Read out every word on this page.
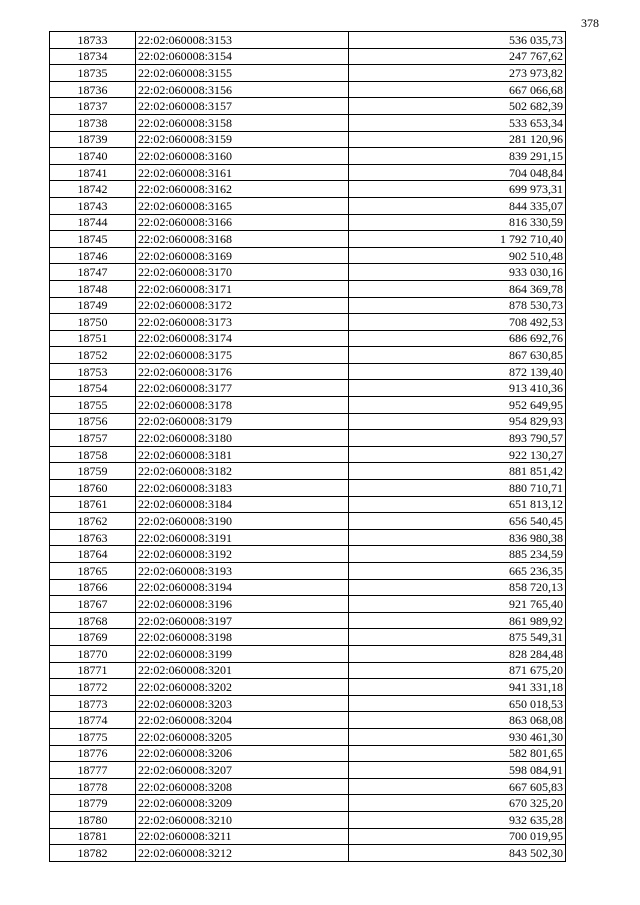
378
18733	22:02:060008:3153	536 035,73
18734	22:02:060008:3154	247 767,62
18735	22:02:060008:3155	273 973,82
18736	22:02:060008:3156	667 066,68
18737	22:02:060008:3157	502 682,39
18738	22:02:060008:3158	533 653,34
18739	22:02:060008:3159	281 120,96
18740	22:02:060008:3160	839 291,15
18741	22:02:060008:3161	704 048,84
18742	22:02:060008:3162	699 973,31
18743	22:02:060008:3165	844 335,07
18744	22:02:060008:3166	816 330,59
18745	22:02:060008:3168	1 792 710,40
18746	22:02:060008:3169	902 510,48
18747	22:02:060008:3170	933 030,16
18748	22:02:060008:3171	864 369,78
18749	22:02:060008:3172	878 530,73
18750	22:02:060008:3173	708 492,53
18751	22:02:060008:3174	686 692,76
18752	22:02:060008:3175	867 630,85
18753	22:02:060008:3176	872 139,40
18754	22:02:060008:3177	913 410,36
18755	22:02:060008:3178	952 649,95
18756	22:02:060008:3179	954 829,93
18757	22:02:060008:3180	893 790,57
18758	22:02:060008:3181	922 130,27
18759	22:02:060008:3182	881 851,42
18760	22:02:060008:3183	880 710,71
18761	22:02:060008:3184	651 813,12
18762	22:02:060008:3190	656 540,45
18763	22:02:060008:3191	836 980,38
18764	22:02:060008:3192	885 234,59
18765	22:02:060008:3193	665 236,35
18766	22:02:060008:3194	858 720,13
18767	22:02:060008:3196	921 765,40
18768	22:02:060008:3197	861 989,92
18769	22:02:060008:3198	875 549,31
18770	22:02:060008:3199	828 284,48
18771	22:02:060008:3201	871 675,20
18772	22:02:060008:3202	941 331,18
18773	22:02:060008:3203	650 018,53
18774	22:02:060008:3204	863 068,08
18775	22:02:060008:3205	930 461,30
18776	22:02:060008:3206	582 801,65
18777	22:02:060008:3207	598 084,91
18778	22:02:060008:3208	667 605,83
18779	22:02:060008:3209	670 325,20
18780	22:02:060008:3210	932 635,28
18781	22:02:060008:3211	700 019,95
18782	22:02:060008:3212	843 502,30
